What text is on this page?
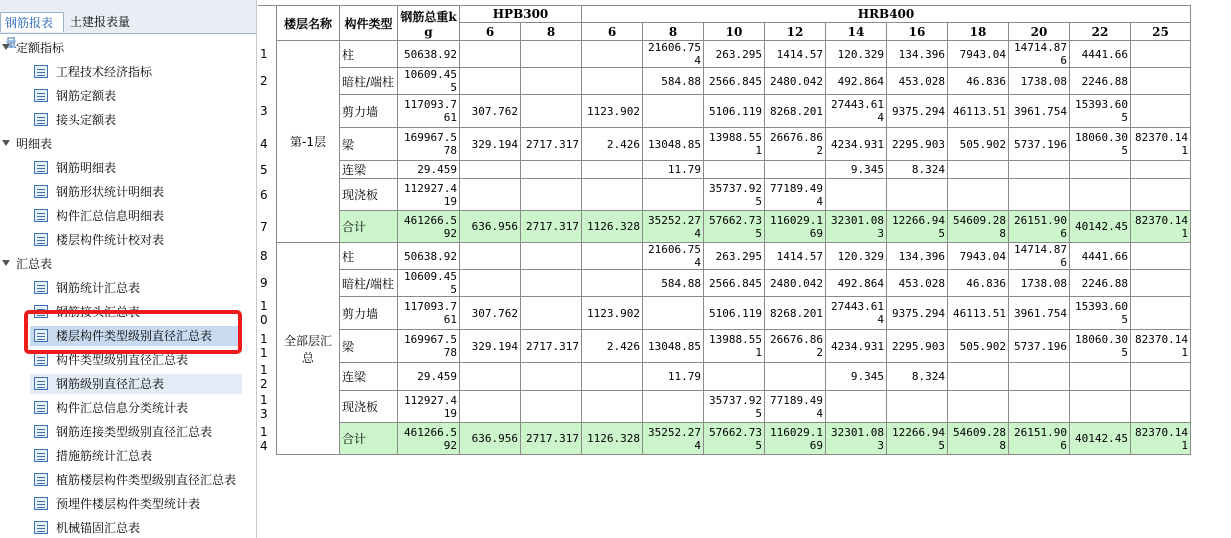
钢筋报表量
土建报表量
定额指标
工程技术经济指标
钢筋定额表
接头定额表
明细表
钢筋明细表
钢筋形状统计明细表
构件汇总信息明细表
楼层构件统计校对表
汇总表
钢筋统计汇总表
钢筋接头汇总表
楼层构件类型级别直径汇总表
构件类型级别直径汇总表
钢筋级别直径汇总表
构件汇总信息分类统计表
钢筋连接类型级别直径汇总表
措施筋统计汇总表
植筋楼层构件类型级别直径汇总表
预埋件楼层构件类型统计表
机械锚固汇总表
	楼层名称	构件类型	钢筋总重kg	HPB300		HRB400									
				6	8	6	8	10	12	14	16	18	20	22	25
1	第-1层	柱	50638.92				21606.754	263.295	1414.57	120.329	134.396	7943.04	14714.876	4441.66	
2		暗柱/端柱	10609.455				584.88	2566.845	2480.042	492.864	453.028	46.836	1738.08	2246.88	
3		剪力墙	117093.761	307.762		1123.902		5106.119	8268.201	27443.614	9375.294	46113.51	3961.754	15393.605	
4		梁	169967.578	329.194	2717.317	2.426	13048.85	13988.551	26676.862	4234.931	2295.903	505.902	5737.196	18060.305	82370.141
5		连梁	29.459				11.79			9.345	8.324				
6		现浇板	112927.419					35737.925	77189.494						
7		合计	461266.592	636.956	2717.317	1126.328	35252.274	57662.735	116029.169	32301.083	12266.945	54609.288	26151.906	40142.45	82370.141
8	全部层汇总	柱	50638.92				21606.754	263.295	1414.57	120.329	134.396	7943.04	14714.876	4441.66	
9		暗柱/端柱	10609.455				584.88	2566.845	2480.042	492.864	453.028	46.836	1738.08	2246.88	
10		剪力墙	117093.761	307.762		1123.902		5106.119	8268.201	27443.614	9375.294	46113.51	3961.754	15393.605	
11		梁	169967.578	329.194	2717.317	2.426	13048.85	13988.551	26676.862	4234.931	2295.903	505.902	5737.196	18060.305	82370.141
12		连梁	29.459				11.79			9.345	8.324				
13		现浇板	112927.419					35737.925	77189.494						
14		合计	461266.592	636.956	2717.317	1126.328	35252.274	57662.735	116029.169	32301.083	12266.945	54609.288	26151.906	40142.45	82370.141
